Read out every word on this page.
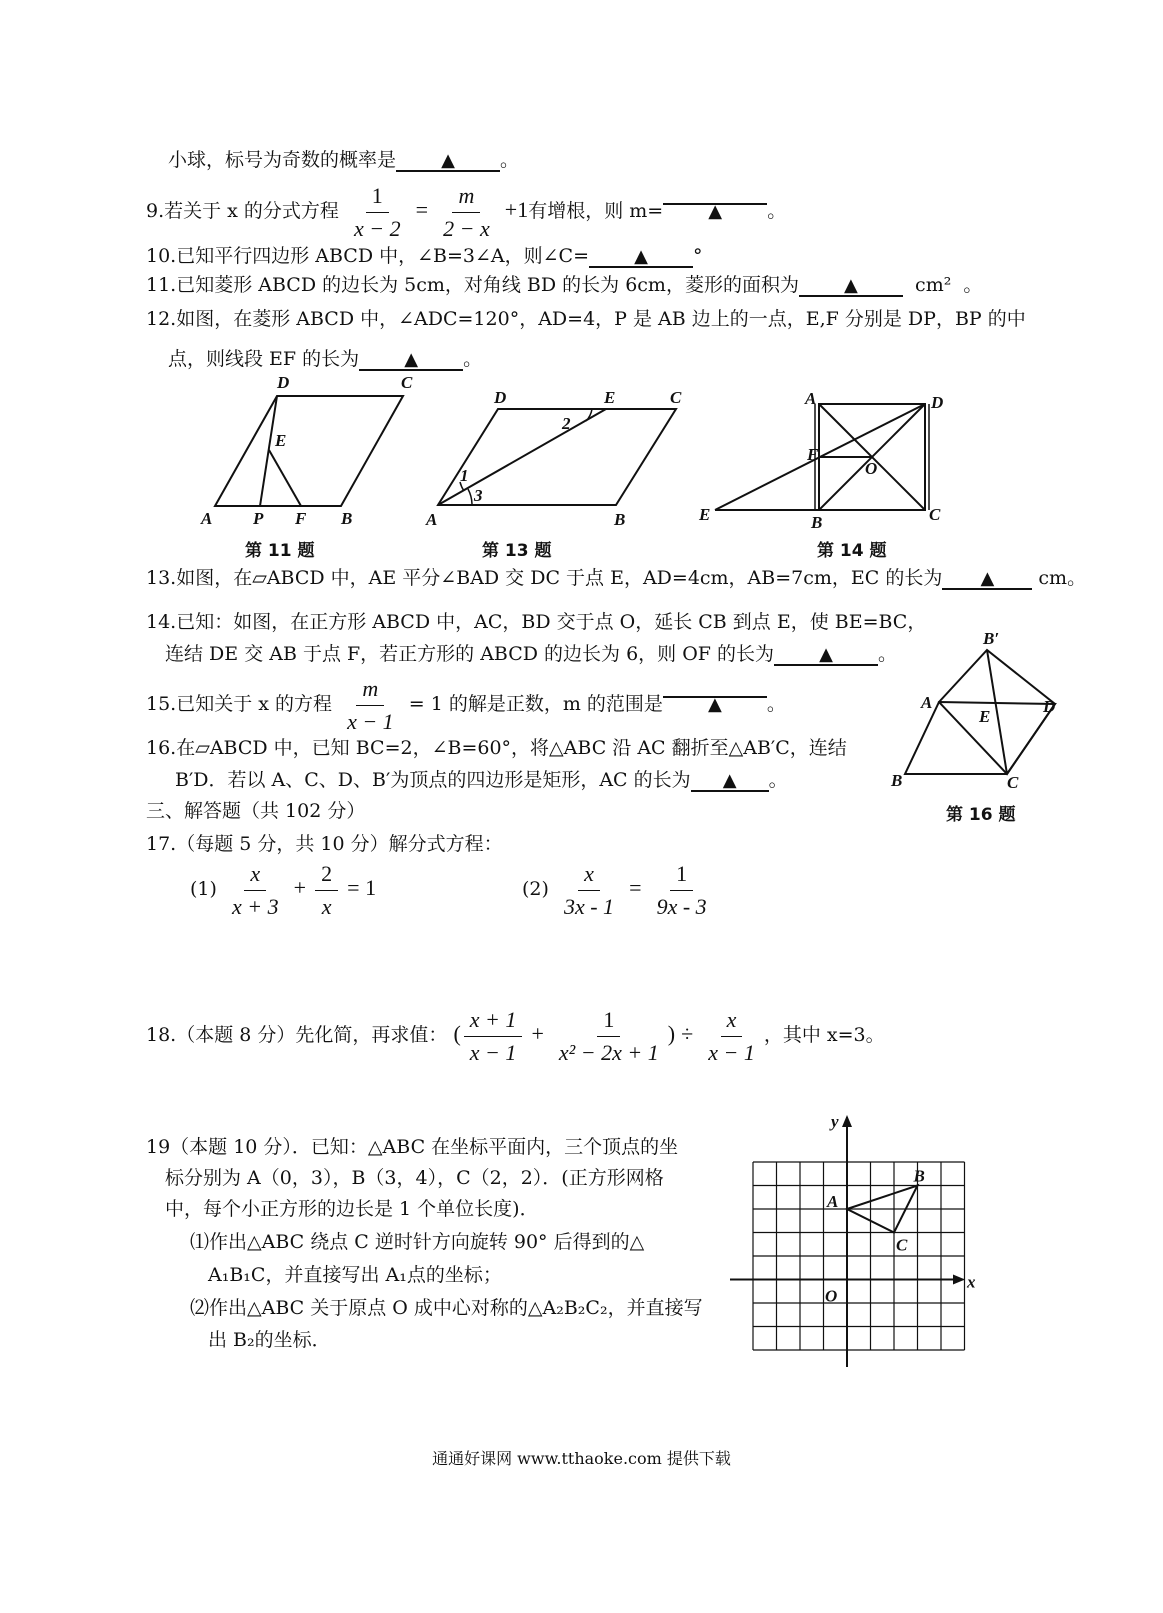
小球，标号为奇数的概率是	▲ 。
9.若关于 x 的分式方程 $\frac{1}{x - 2} = \frac{m}{2 - x} +1$有增根，则 m=	▲ 。
10.已知平行四边形 ABCD 中，∠B=3∠A，则∠C=	▲ °
11.已知菱形 ABCD 的边长为 5cm，对角线 BD 的长为 6cm，菱形的面积为	▲	cm² 。
12.如图，在菱形 ABCD 中，∠ADC=120°，AD=4，P 是 AB 边上的一点，E,F 分别是 DP，BP 的中
点，则线段 EF 的长为	▲ 。
D	C
E
A P F B
第 11 题
D	E	C
2
1
3
A	B
第 13 题
A	D
F
O
E	B	C
第 14 题
13.如图，在▱ABCD 中，AE 平分∠BAD 交 DC 于点 E，AD=4cm，AB=7cm，EC 的长为 ▲ cm。
14.已知：如图，在正方形 ABCD 中，AC，BD 交于点 O，延长 CB 到点 E，使 BE=BC，
连结 DE 交 AB 于点 F，若正方形的 ABCD 的边长为 6，则 OF 的长为	▲ 。
15.已知关于 x 的方程 $\frac{m}{x - 1} = 1$ 的解是正数，m 的范围是	▲ 。
16.在▱ABCD 中，已知 BC=2，∠B=60°，将△ABC 沿 AC 翻折至△AB′C，连结
B′D．若以 A、C、D、B′为顶点的四边形是矩形，AC 的长为 ▲ 。
B′
A
E
D
B	C
第 16 题
三、解答题（共 102 分）
17.（每题 5 分，共 10 分）解分式方程：
$(1) \frac{x}{x + 3} + \frac{2}{x} = 1$	$(2) \frac{x}{3x - 1} = \frac{1}{9x - 3}$
18.（本题 8 分）先化简，再求值： ( $\frac{x + 1}{x - 1} + \frac{1}{\text{x² − 2x + 1}}$ ) ÷ $\frac{x}{x - 1}$ ，其中 x=3。
19（本题 10 分）．已知：△ABC 在坐标平面内，三个顶点的坐
标分别为 A（0，3），B（3，4），C（2，2）．(正方形网格
中，每个小正方形的边长是 1 个单位长度)．
⑴作出△ABC 绕点 C 逆时针方向旋转 90° 后得到的△
A₁B₁C，并直接写出 A₁点的坐标；
⑵作出△ABC 关于原点 O 成中心对称的△A₂B₂C₂，并直接写
出 B₂的坐标．
y
x
A
B
C
O
通通好课网 www.tthaoke.com 提供下载
